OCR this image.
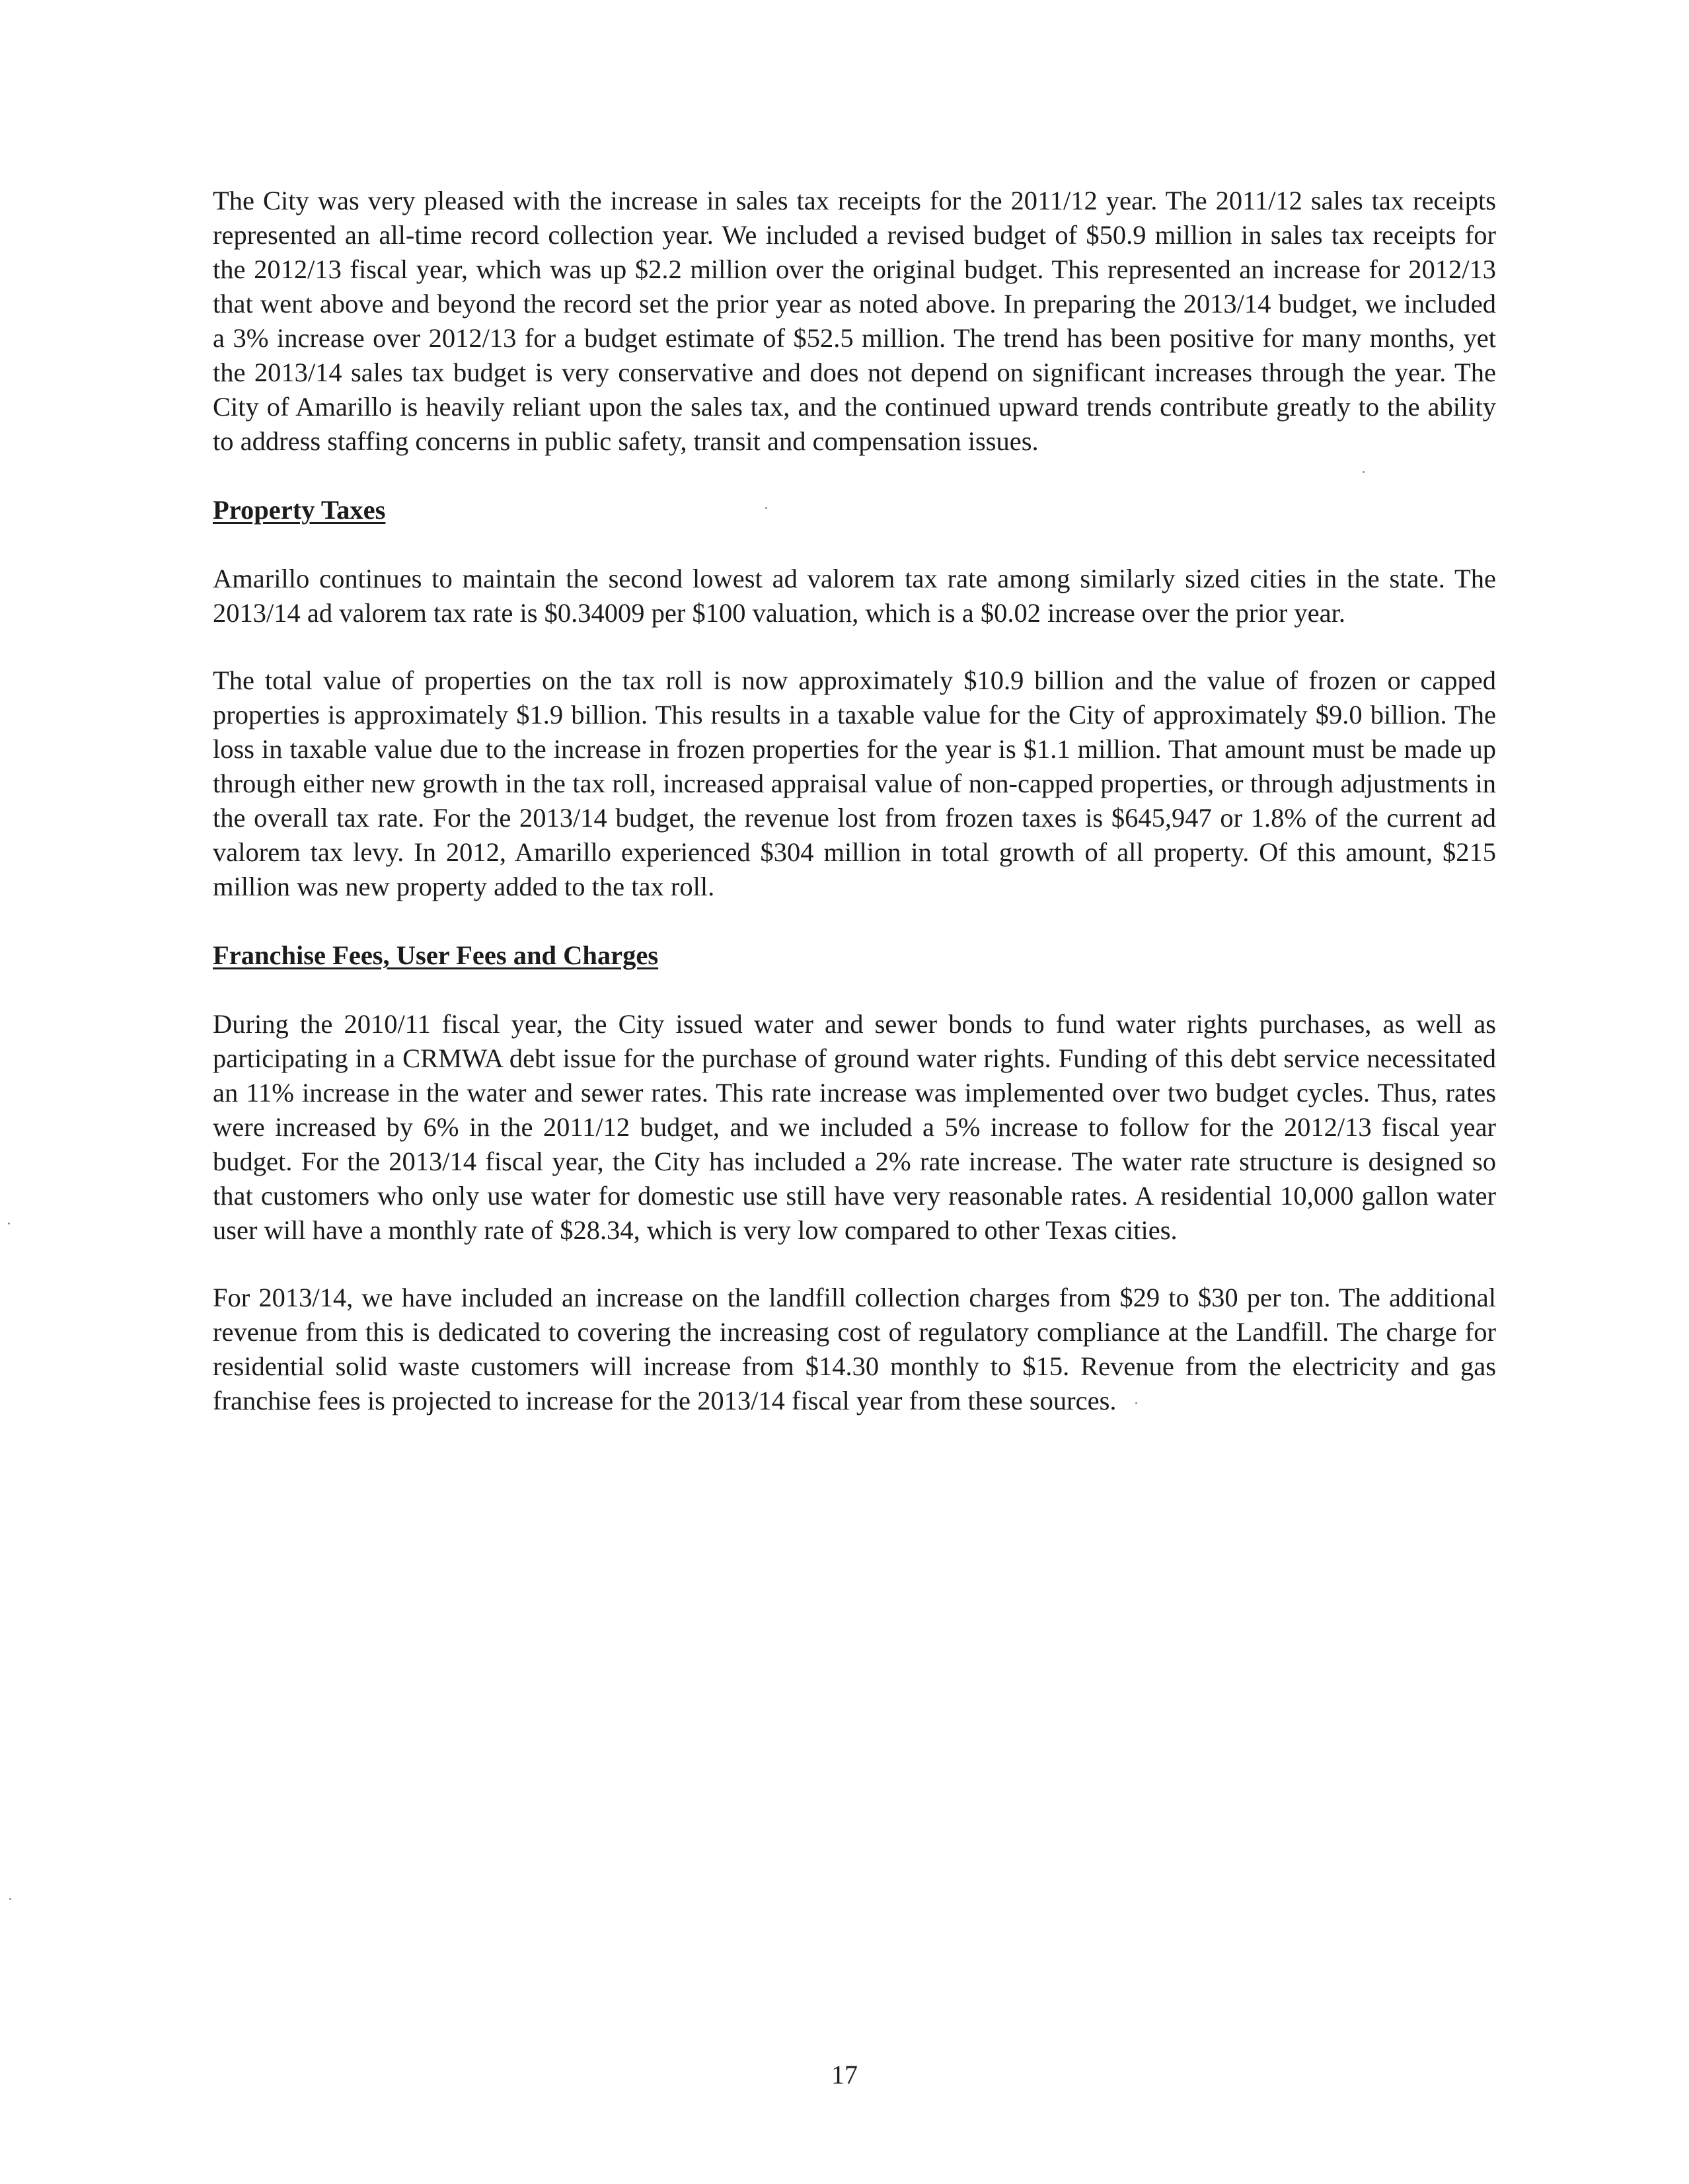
The City was very pleased with the increase in sales tax receipts for the 2011/12 year. The 2011/12 sales tax receipts represented an all-time record collection year. We included a revised budget of $50.9 million in sales tax receipts for the 2012/13 fiscal year, which was up $2.2 million over the original budget. This represented an increase for 2012/13 that went above and beyond the record set the prior year as noted above. In preparing the 2013/14 budget, we included a 3% increase over 2012/13 for a budget estimate of $52.5 million. The trend has been positive for many months, yet the 2013/14 sales tax budget is very conservative and does not depend on significant increases through the year. The City of Amarillo is heavily reliant upon the sales tax, and the continued upward trends contribute greatly to the ability to address staffing concerns in public safety, transit and compensation issues.

Property Taxes

Amarillo continues to maintain the second lowest ad valorem tax rate among similarly sized cities in the state. The 2013/14 ad valorem tax rate is $0.34009 per $100 valuation, which is a $0.02 increase over the prior year.

The total value of properties on the tax roll is now approximately $10.9 billion and the value of frozen or capped properties is approximately $1.9 billion. This results in a taxable value for the City of approximately $9.0 billion. The loss in taxable value due to the increase in frozen properties for the year is $1.1 million. That amount must be made up through either new growth in the tax roll, increased appraisal value of non-capped properties, or through adjustments in the overall tax rate. For the 2013/14 budget, the revenue lost from frozen taxes is $645,947 or 1.8% of the current ad valorem tax levy. In 2012, Amarillo experienced $304 million in total growth of all property. Of this amount, $215 million was new property added to the tax roll.

Franchise Fees, User Fees and Charges

During the 2010/11 fiscal year, the City issued water and sewer bonds to fund water rights purchases, as well as participating in a CRMWA debt issue for the purchase of ground water rights. Funding of this debt service necessitated an 11% increase in the water and sewer rates. This rate increase was implemented over two budget cycles. Thus, rates were increased by 6% in the 2011/12 budget, and we included a 5% increase to follow for the 2012/13 fiscal year budget. For the 2013/14 fiscal year, the City has included a 2% rate increase. The water rate structure is designed so that customers who only use water for domestic use still have very reasonable rates. A residential 10,000 gallon water user will have a monthly rate of $28.34, which is very low compared to other Texas cities.

For 2013/14, we have included an increase on the landfill collection charges from $29 to $30 per ton. The additional revenue from this is dedicated to covering the increasing cost of regulatory compliance at the Landfill. The charge for residential solid waste customers will increase from $14.30 monthly to $15. Revenue from the electricity and gas franchise fees is projected to increase for the 2013/14 fiscal year from these sources.

17
